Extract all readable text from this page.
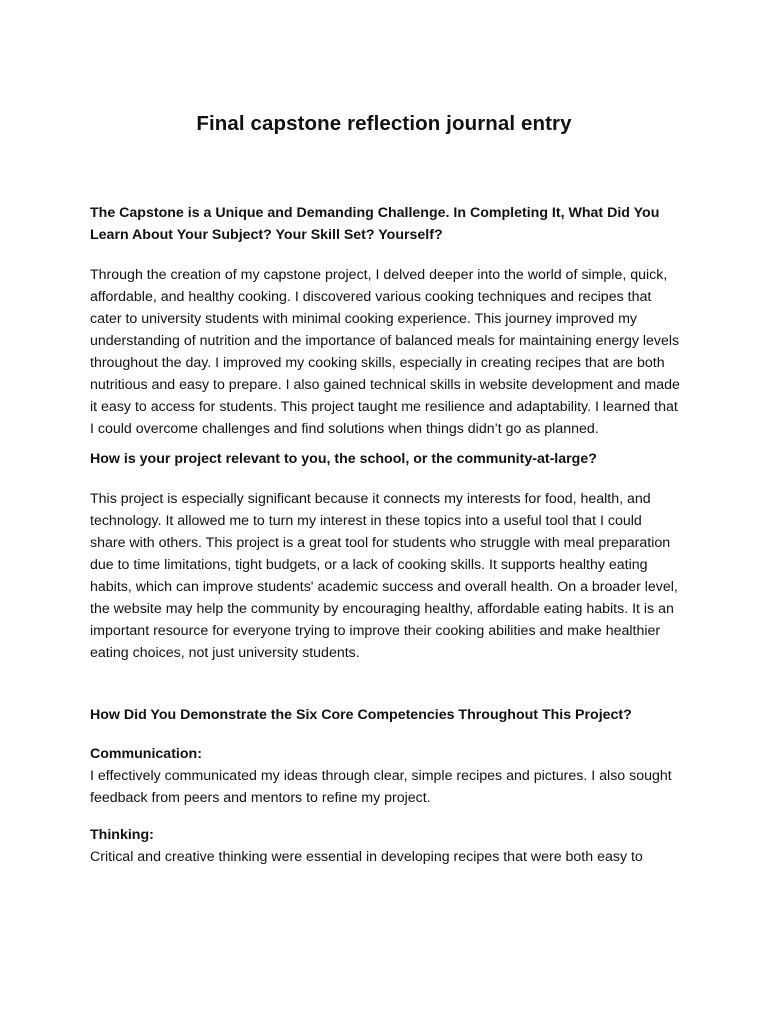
Final capstone reflection journal entry

The Capstone is a Unique and Demanding Challenge. In Completing It, What Did You Learn About Your Subject? Your Skill Set? Yourself?

Through the creation of my capstone project, I delved deeper into the world of simple, quick, affordable, and healthy cooking. I discovered various cooking techniques and recipes that cater to university students with minimal cooking experience. This journey improved my understanding of nutrition and the importance of balanced meals for maintaining energy levels throughout the day. I improved my cooking skills, especially in creating recipes that are both nutritious and easy to prepare. I also gained technical skills in website development and made it easy to access for students. This project taught me resilience and adaptability. I learned that I could overcome challenges and find solutions when things didn’t go as planned.

How is your project relevant to you, the school, or the community-at-large?

This project is especially significant because it connects my interests for food, health, and technology. It allowed me to turn my interest in these topics into a useful tool that I could share with others. This project is a great tool for students who struggle with meal preparation due to time limitations, tight budgets, or a lack of cooking skills. It supports healthy eating habits, which can improve students' academic success and overall health. On a broader level, the website may help the community by encouraging healthy, affordable eating habits. It is an important resource for everyone trying to improve their cooking abilities and make healthier eating choices, not just university students.

How Did You Demonstrate the Six Core Competencies Throughout This Project?

Communication:

I effectively communicated my ideas through clear, simple recipes and pictures. I also sought feedback from peers and mentors to refine my project.

Thinking:

Critical and creative thinking were essential in developing recipes that were both easy to
